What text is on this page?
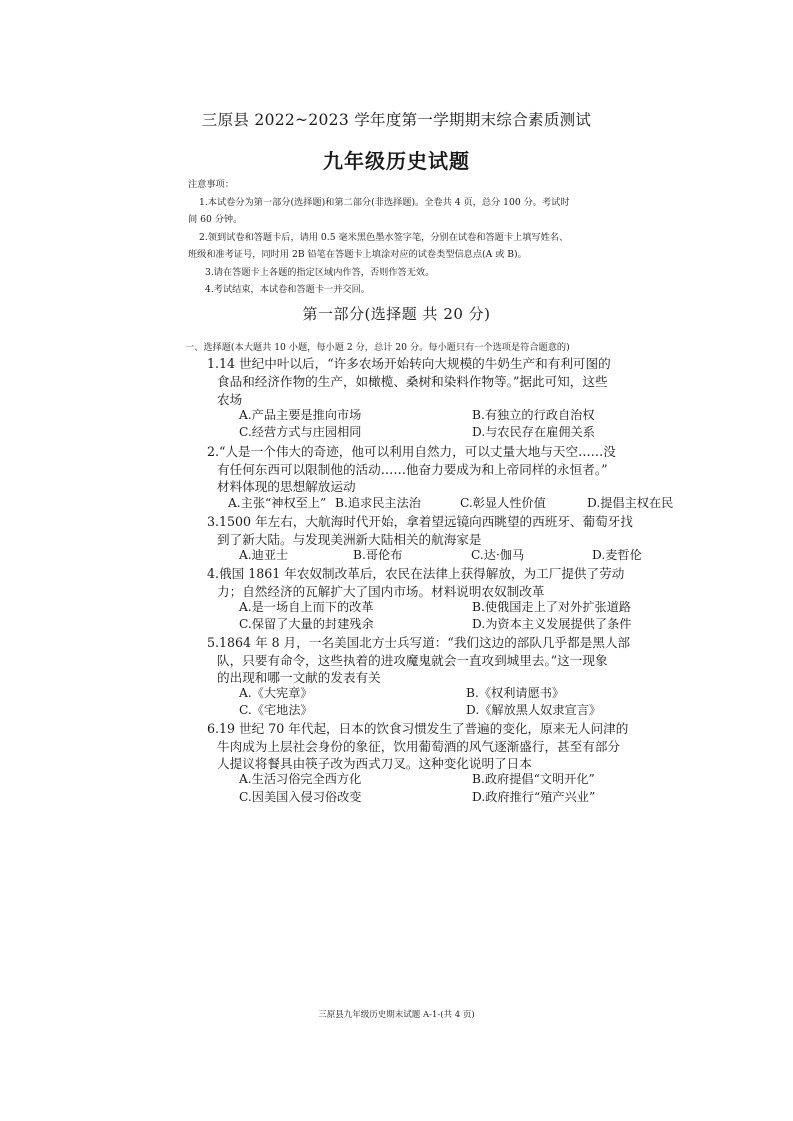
三原县 2022~2023 学年度第一学期期末综合素质测试
九年级历史试题
注意事项：
1.本试卷分为第一部分(选择题)和第二部分(非选择题)。全卷共 4 页，总分 100 分。考试时
间 60 分钟。
2.领到试卷和答题卡后，请用 0.5 毫米黑色墨水签字笔，分别在试卷和答题卡上填写姓名、
班级和准考证号，同时用 2B 铅笔在答题卡上填涂对应的试卷类型信息点(A 或 B)。
3.请在答题卡上各题的指定区域内作答，否则作答无效。
4.考试结束，本试卷和答题卡一并交回。
第一部分(选择题 共 20 分)
一、选择题(本大题共 10 小题，每小题 2 分，总计 20 分。每小题只有一个选项是符合题意的)
1.14 世纪中叶以后，“许多农场开始转向大规模的牛奶生产和有利可图的
食品和经济作物的生产，如橄榄、桑树和染料作物等。”据此可知，这些
农场
A.产品主要是推向市场	B.有独立的行政自治权
C.经营方式与庄园相同	D.与农民存在雇佣关系
2.“人是一个伟大的奇迹，他可以利用自然力，可以丈量大地与天空……没
有任何东西可以限制他的活动……他奋力要成为和上帝同样的永恒者。”
材料体现的思想解放运动
A.主张“神权至上” B.追求民主法治	C.彰显人性价值	D.提倡主权在民
3.1500 年左右，大航海时代开始，拿着望远镜向西眺望的西班牙、葡萄牙找
到了新大陆。与发现美洲新大陆相关的航海家是
A.迪亚士	B.哥伦布	C.达·伽马	D.麦哲伦
4.俄国 1861 年农奴制改革后，农民在法律上获得解放，为工厂提供了劳动
力；自然经济的瓦解扩大了国内市场。材料说明农奴制改革
A.是一场自上而下的改革	B.使俄国走上了对外扩张道路
C.保留了大量的封建残余	D.为资本主义发展提供了条件
5.1864 年 8 月，一名美国北方士兵写道：“我们这边的部队几乎都是黑人部
队，只要有命令，这些执着的进攻魔鬼就会一直攻到城里去。”这一现象
的出现和哪一文献的发表有关
A.《大宪章》	B.《权利请愿书》
C.《宅地法》	D.《解放黑人奴隶宣言》
6.19 世纪 70 年代起，日本的饮食习惯发生了普遍的变化，原来无人问津的
牛肉成为上层社会身份的象征，饮用葡萄酒的风气逐渐盛行，甚至有部分
人提议将餐具由筷子改为西式刀叉。这种变化说明了日本
A.生活习俗完全西方化	B.政府提倡“文明开化”
C.因美国入侵习俗改变	D.政府推行“殖产兴业”
三原县九年级历史期末试题 A-1-(共 4 页)
